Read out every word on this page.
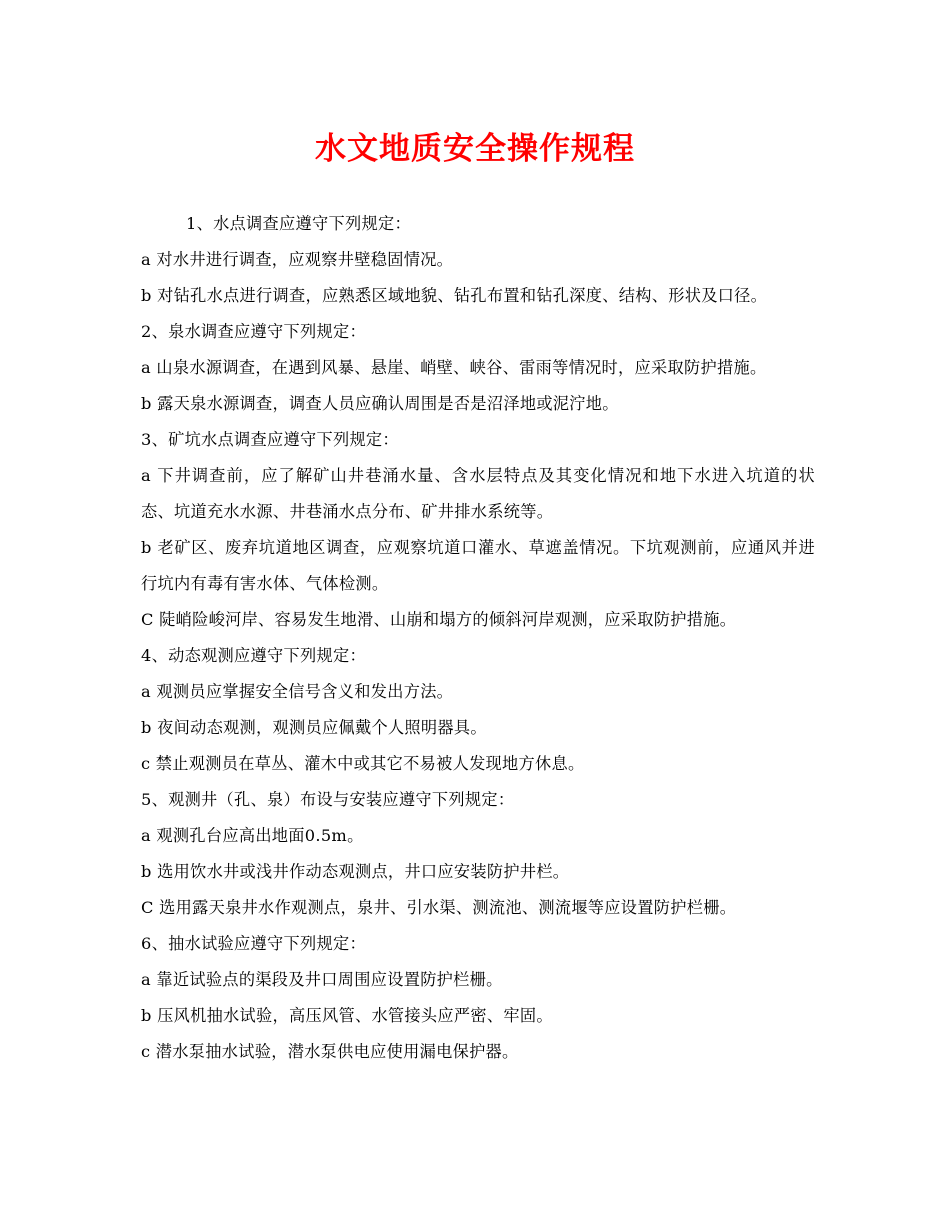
水文地质安全操作规程

1、水点调查应遵守下列规定：

a 对水井进行调查，应观察井壁稳固情况。

b 对钻孔水点进行调查，应熟悉区域地貌、钻孔布置和钻孔深度、结构、形状及口径。

2、泉水调查应遵守下列规定：

a 山泉水源调查，在遇到风暴、悬崖、峭壁、峡谷、雷雨等情况时，应采取防护措施。

b 露天泉水源调查，调查人员应确认周围是否是沼泽地或泥泞地。

3、矿坑水点调查应遵守下列规定：

a 下井调查前，应了解矿山井巷涌水量、含水层特点及其变化情况和地下水进入坑道的状态、坑道充水水源、井巷涌水点分布、矿井排水系统等。

b 老矿区、废弃坑道地区调查，应观察坑道口灌水、草遮盖情况。下坑观测前，应通风并进行坑内有毒有害水体、气体检测。

C 陡峭险峻河岸、容易发生地滑、山崩和塌方的倾斜河岸观测，应采取防护措施。

4、动态观测应遵守下列规定：

a 观测员应掌握安全信号含义和发出方法。

b 夜间动态观测，观测员应佩戴个人照明器具。

c 禁止观测员在草丛、灌木中或其它不易被人发现地方休息。

5、观测井（孔、泉）布设与安装应遵守下列规定：

a 观测孔台应高出地面0.5m。

b 选用饮水井或浅井作动态观测点，井口应安装防护井栏。

C 选用露天泉井水作观测点，泉井、引水渠、测流池、测流堰等应设置防护栏栅。

6、抽水试验应遵守下列规定：

a 靠近试验点的渠段及井口周围应设置防护栏栅。

b 压风机抽水试验，高压风管、水管接头应严密、牢固。

c 潜水泵抽水试验，潜水泵供电应使用漏电保护器。
